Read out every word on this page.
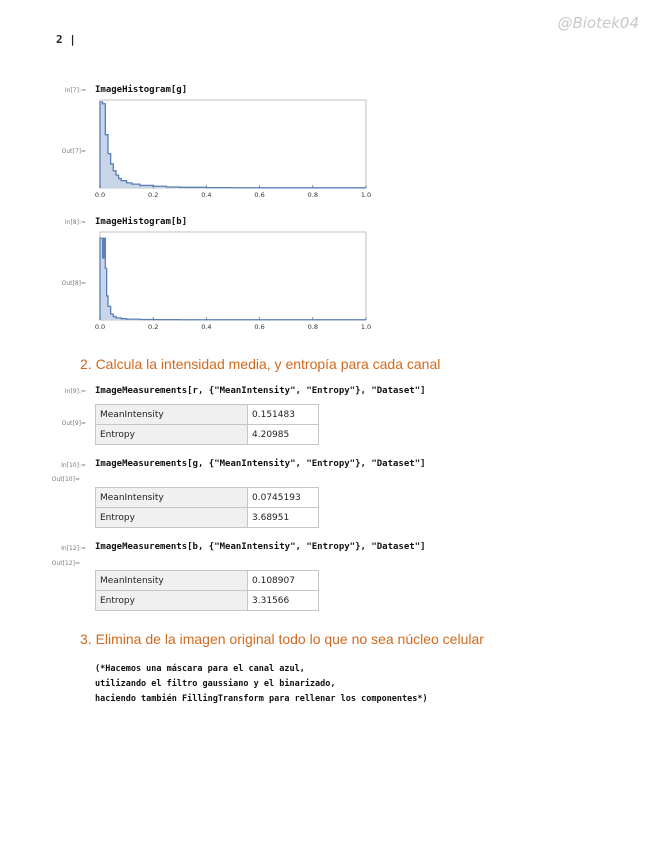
@Biotek04
2 |
In[7]:= ImageHistogram[g]
Out[7]=
0.0	0.2	0.4	0.6	0.8	1.0
In[8]:= ImageHistogram[b]
Out[8]=
0.0	0.2	0.4	0.6	0.8	1.0
2. Calcula la intensidad media, y entropía para cada canal
In[9]:= ImageMeasurements[r, {"MeanIntensity", "Entropy"}, "Dataset"]
Out[9]=
MeanIntensity	0.151483
Entropy	4.20985
In[10]:= ImageMeasurements[g, {"MeanIntensity", "Entropy"}, "Dataset"]
Out[10]=
MeanIntensity	0.0745193
Entropy	3.68951
In[12]:= ImageMeasurements[b, {"MeanIntensity", "Entropy"}, "Dataset"]
Out[12]=
MeanIntensity	0.108907
Entropy	3.31566
3. Elimina de la imagen original todo lo que no sea núcleo celular
(*Hacemos una máscara para el canal azul,
utilizando el filtro gaussiano y el binarizado,
haciendo también FillingTransform para rellenar los componentes*)
